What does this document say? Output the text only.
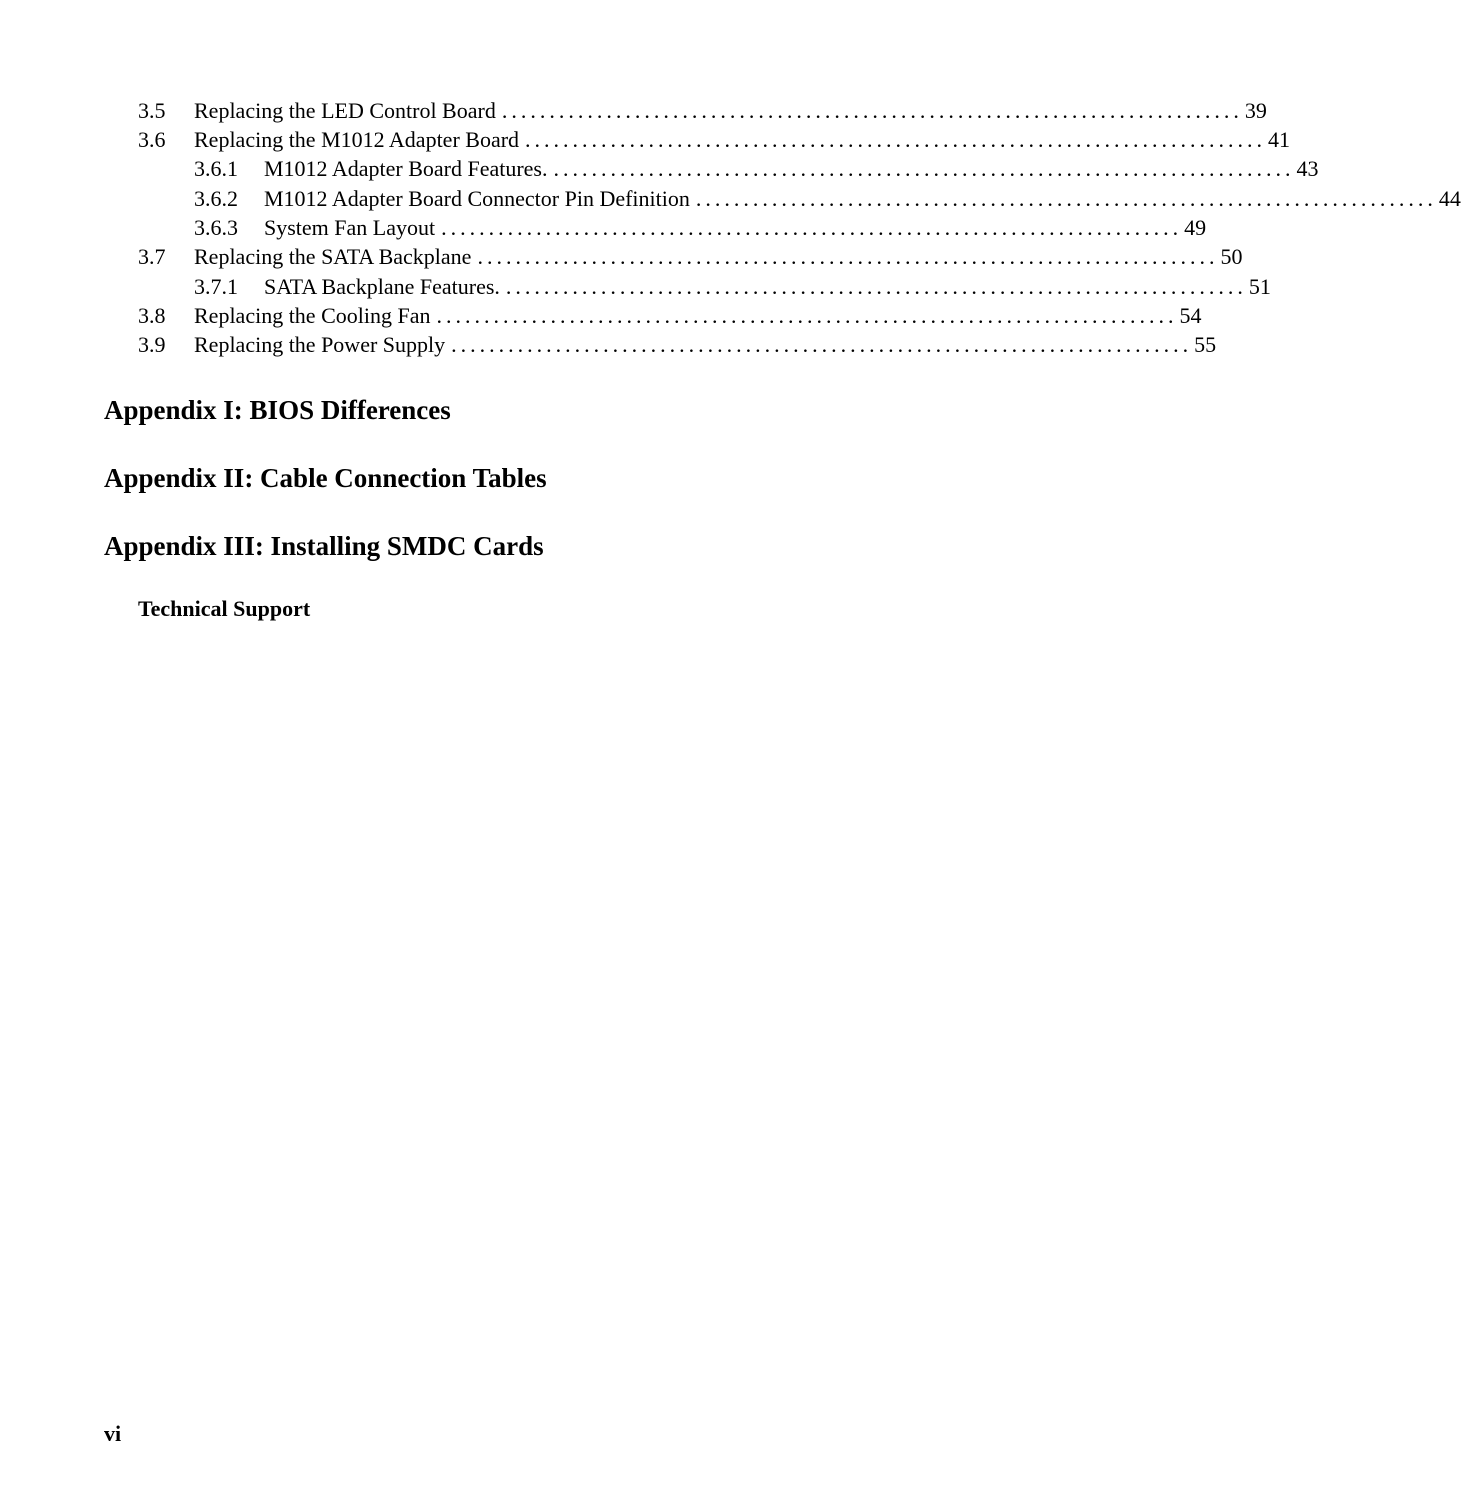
3.5 Replacing the LED Control Board .............................................................................. 39
3.6 Replacing the M1012 Adapter Board .............................................................................. 41
3.6.1 M1012 Adapter Board Features. .............................................................................. 43
3.6.2 M1012 Adapter Board Connector Pin Definition .............................................................................. 44
3.6.3 System Fan Layout .............................................................................. 49
3.7 Replacing the SATA Backplane .............................................................................. 50
3.7.1 SATA Backplane Features. .............................................................................. 51
3.8 Replacing the Cooling Fan .............................................................................. 54
3.9 Replacing the Power Supply .............................................................................. 55
Appendix I: BIOS Differences
Appendix II: Cable Connection Tables
Appendix III: Installing SMDC Cards
Technical Support
vi
